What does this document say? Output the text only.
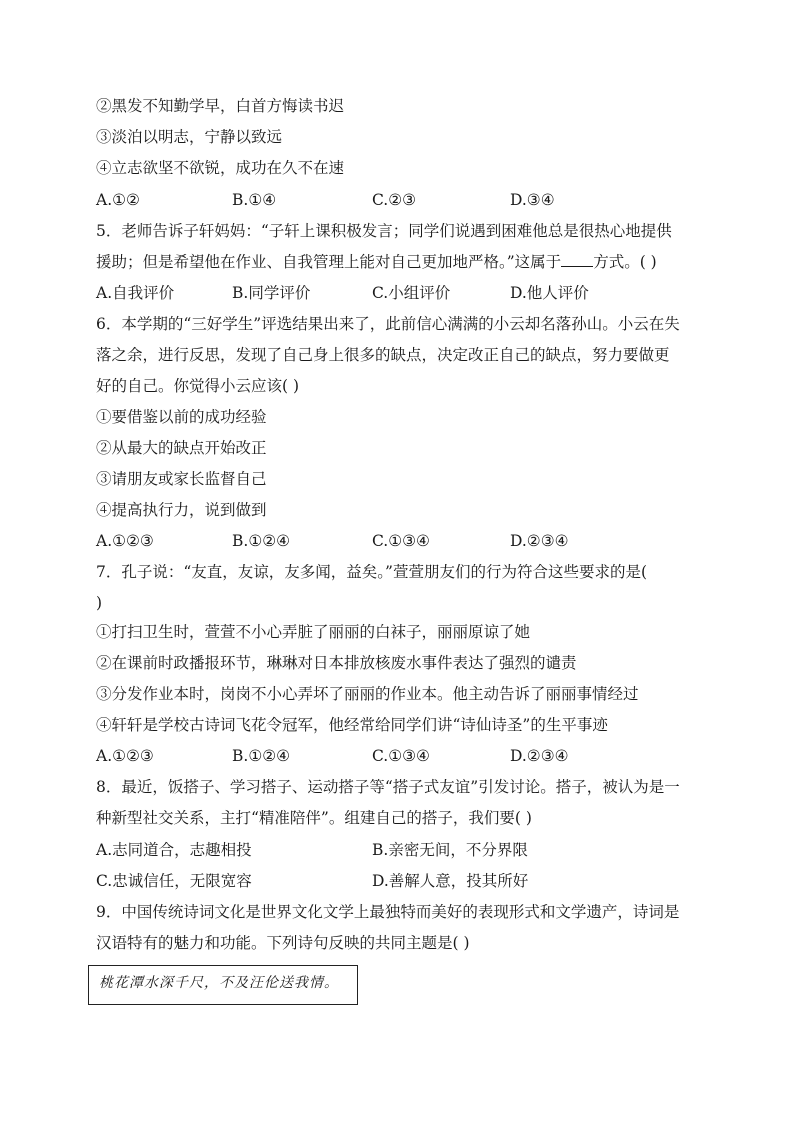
②黑发不知勤学早，白首方悔读书迟
③淡泊以明志，宁静以致远
④立志欲坚不欲锐，成功在久不在速
A.①②	B.①④	C.②③	D.③④
5．老师告诉子轩妈妈：“子轩上课积极发言；同学们说遇到困难他总是很热心地提供
援助；但是希望他在作业、自我管理上能对自己更加地严格。”这属于 方式。( )
A.自我评价	B.同学评价	C.小组评价	D.他人评价
6．本学期的“三好学生”评选结果出来了，此前信心满满的小云却名落孙山。小云在失
落之余，进行反思，发现了自己身上很多的缺点，决定改正自己的缺点，努力要做更
好的自己。你觉得小云应该( )
①要借鉴以前的成功经验
②从最大的缺点开始改正
③请朋友或家长监督自己
④提高执行力，说到做到
A.①②③	B.①②④	C.①③④	D.②③④
7．孔子说：“友直，友谅，友多闻，益矣。”萱萱朋友们的行为符合这些要求的是(
)
①打扫卫生时，萱萱不小心弄脏了丽丽的白袜子，丽丽原谅了她
②在课前时政播报环节，琳琳对日本排放核废水事件表达了强烈的谴责
③分发作业本时，岗岗不小心弄坏了丽丽的作业本。他主动告诉了丽丽事情经过
④轩轩是学校古诗词飞花令冠军，他经常给同学们讲“诗仙诗圣”的生平事迹
A.①②③	B.①②④	C.①③④	D.②③④
8．最近，饭搭子、学习搭子、运动搭子等“搭子式友谊”引发讨论。搭子，被认为是一
种新型社交关系，主打“精准陪伴”。组建自己的搭子，我们要( )
A.志同道合，志趣相投	B.亲密无间，不分界限
C.忠诚信任，无限宽容	D.善解人意，投其所好
9．中国传统诗词文化是世界文化文学上最独特而美好的表现形式和文学遗产，诗词是
汉语特有的魅力和功能。下列诗句反映的共同主题是( )
桃花潭水深千尺，不及汪伦送我情。
